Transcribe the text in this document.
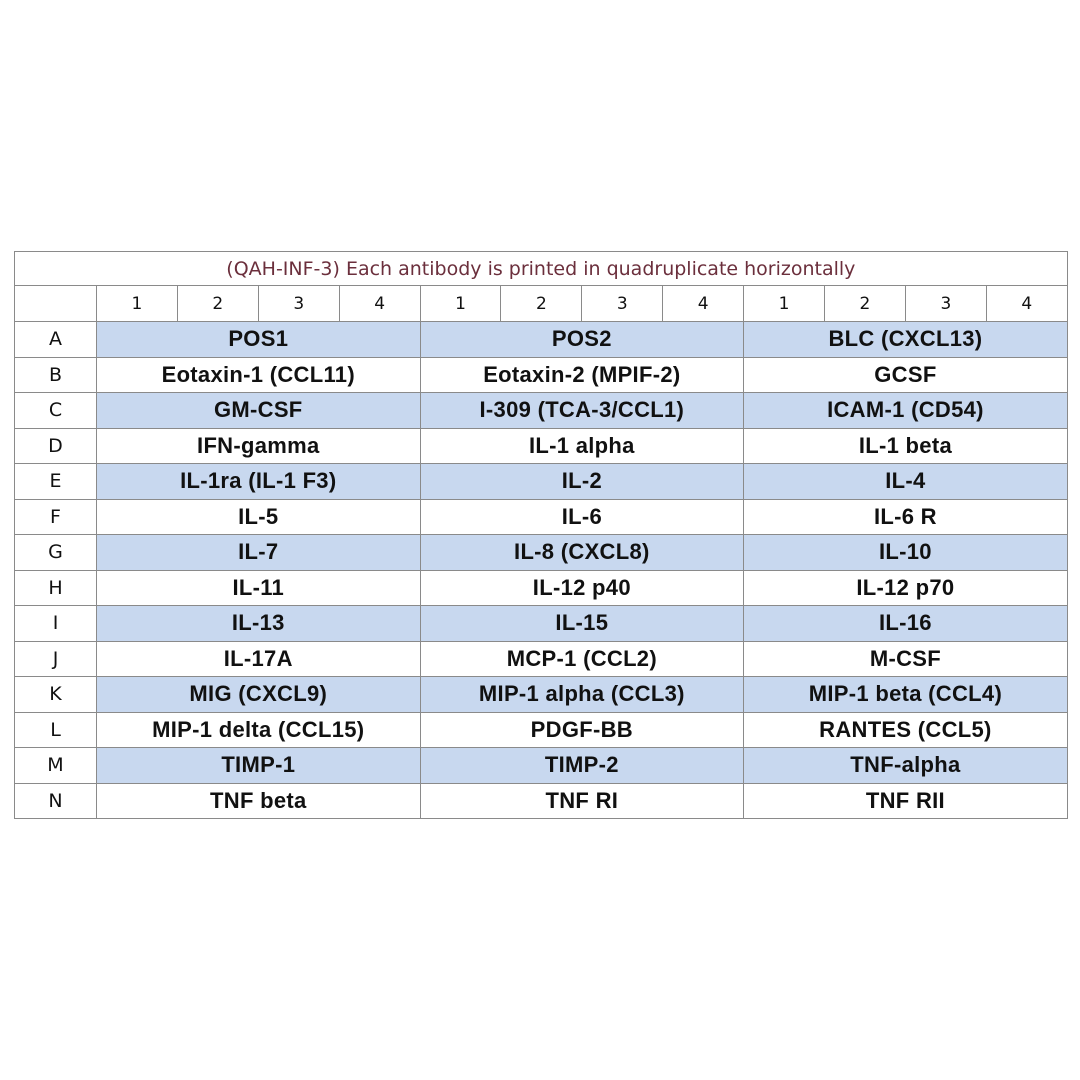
(QAH-INF-3) Each antibody is printed in quadruplicate horizontally												
	1	2	3	4	1	2	3	4	1	2	3	4
A	POS1				POS2				BLC (CXCL13)			
B	Eotaxin-1 (CCL11)				Eotaxin-2 (MPIF-2)				GCSF			
C	GM-CSF				I-309 (TCA-3/CCL1)				ICAM-1 (CD54)			
D	IFN-gamma				IL-1 alpha				IL-1 beta			
E	IL-1ra (IL-1 F3)				IL-2				IL-4			
F	IL-5				IL-6				IL-6 R			
G	IL-7				IL-8 (CXCL8)				IL-10			
H	IL-11				IL-12 p40				IL-12 p70			
I	IL-13				IL-15				IL-16			
J	IL-17A				MCP-1 (CCL2)				M-CSF			
K	MIG (CXCL9)				MIP-1 alpha (CCL3)				MIP-1 beta (CCL4)			
L	MIP-1 delta (CCL15)				PDGF-BB				RANTES (CCL5)			
M	TIMP-1				TIMP-2				TNF-alpha			
N	TNF beta				TNF RI				TNF RII			
